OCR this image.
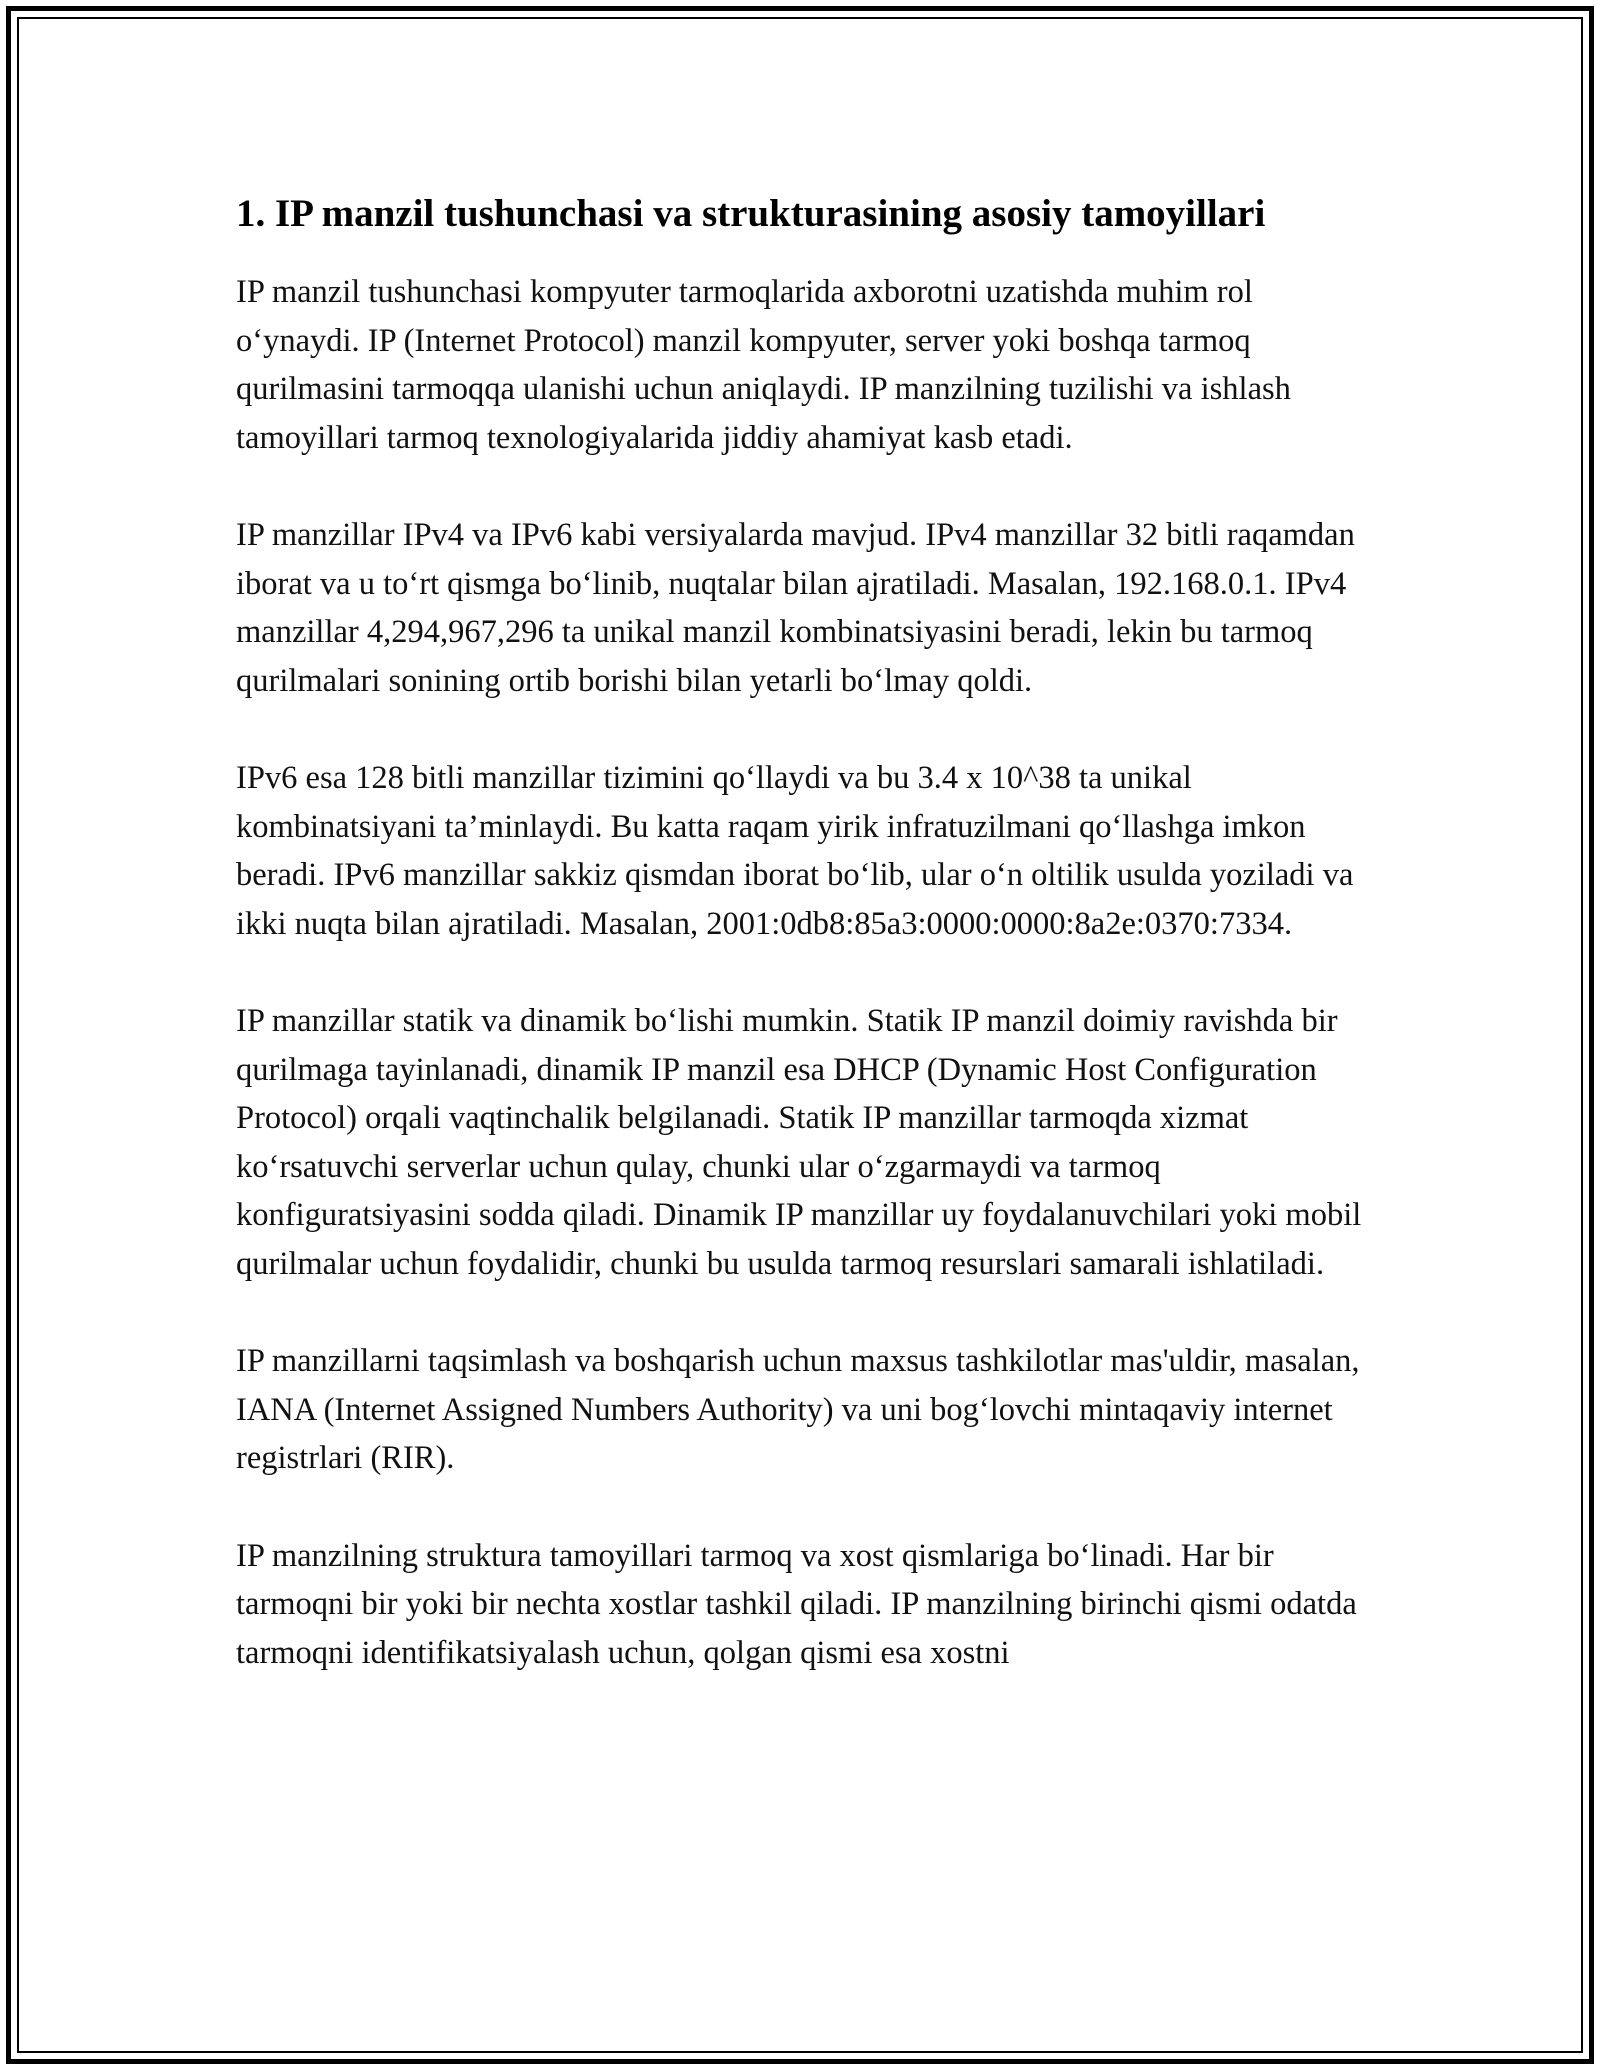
1. IP manzil tushunchasi va strukturasining asosiy tamoyillari

IP manzil tushunchasi kompyuter tarmoqlarida axborotni uzatishda muhim rol o‘ynaydi. IP (Internet Protocol) manzil kompyuter, server yoki boshqa tarmoq qurilmasini tarmoqqa ulanishi uchun aniqlaydi. IP manzilning tuzilishi va ishlash tamoyillari tarmoq texnologiyalarida jiddiy ahamiyat kasb etadi.

IP manzillar IPv4 va IPv6 kabi versiyalarda mavjud. IPv4 manzillar 32 bitli raqamdan iborat va u to‘rt qismga bo‘linib, nuqtalar bilan ajratiladi. Masalan, 192.168.0.1. IPv4 manzillar 4,294,967,296 ta unikal manzil kombinatsiyasini beradi, lekin bu tarmoq qurilmalari sonining ortib borishi bilan yetarli bo‘lmay qoldi.

IPv6 esa 128 bitli manzillar tizimini qo‘llaydi va bu 3.4 x 10^38 ta unikal kombinatsiyani ta’minlaydi. Bu katta raqam yirik infratuzilmani qo‘llashga imkon beradi. IPv6 manzillar sakkiz qismdan iborat bo‘lib, ular o‘n oltilik usulda yoziladi va ikki nuqta bilan ajratiladi. Masalan, 2001:0db8:85a3:0000:0000:8a2e:0370:7334.

IP manzillar statik va dinamik bo‘lishi mumkin. Statik IP manzil doimiy ravishda bir qurilmaga tayinlanadi, dinamik IP manzil esa DHCP (Dynamic Host Configuration Protocol) orqali vaqtinchalik belgilanadi. Statik IP manzillar tarmoqda xizmat ko‘rsatuvchi serverlar uchun qulay, chunki ular o‘zgarmaydi va tarmoq konfiguratsiyasini sodda qiladi. Dinamik IP manzillar uy foydalanuvchilari yoki mobil qurilmalar uchun foydalidir, chunki bu usulda tarmoq resurslari samarali ishlatiladi.

IP manzillarni taqsimlash va boshqarish uchun maxsus tashkilotlar mas'uldir, masalan, IANA (Internet Assigned Numbers Authority) va uni bog‘lovchi mintaqaviy internet registrlari (RIR).

IP manzilning struktura tamoyillari tarmoq va xost qismlariga bo‘linadi. Har bir tarmoqni bir yoki bir nechta xostlar tashkil qiladi. IP manzilning birinchi qismi odatda tarmoqni identifikatsiyalash uchun, qolgan qismi esa xostni
